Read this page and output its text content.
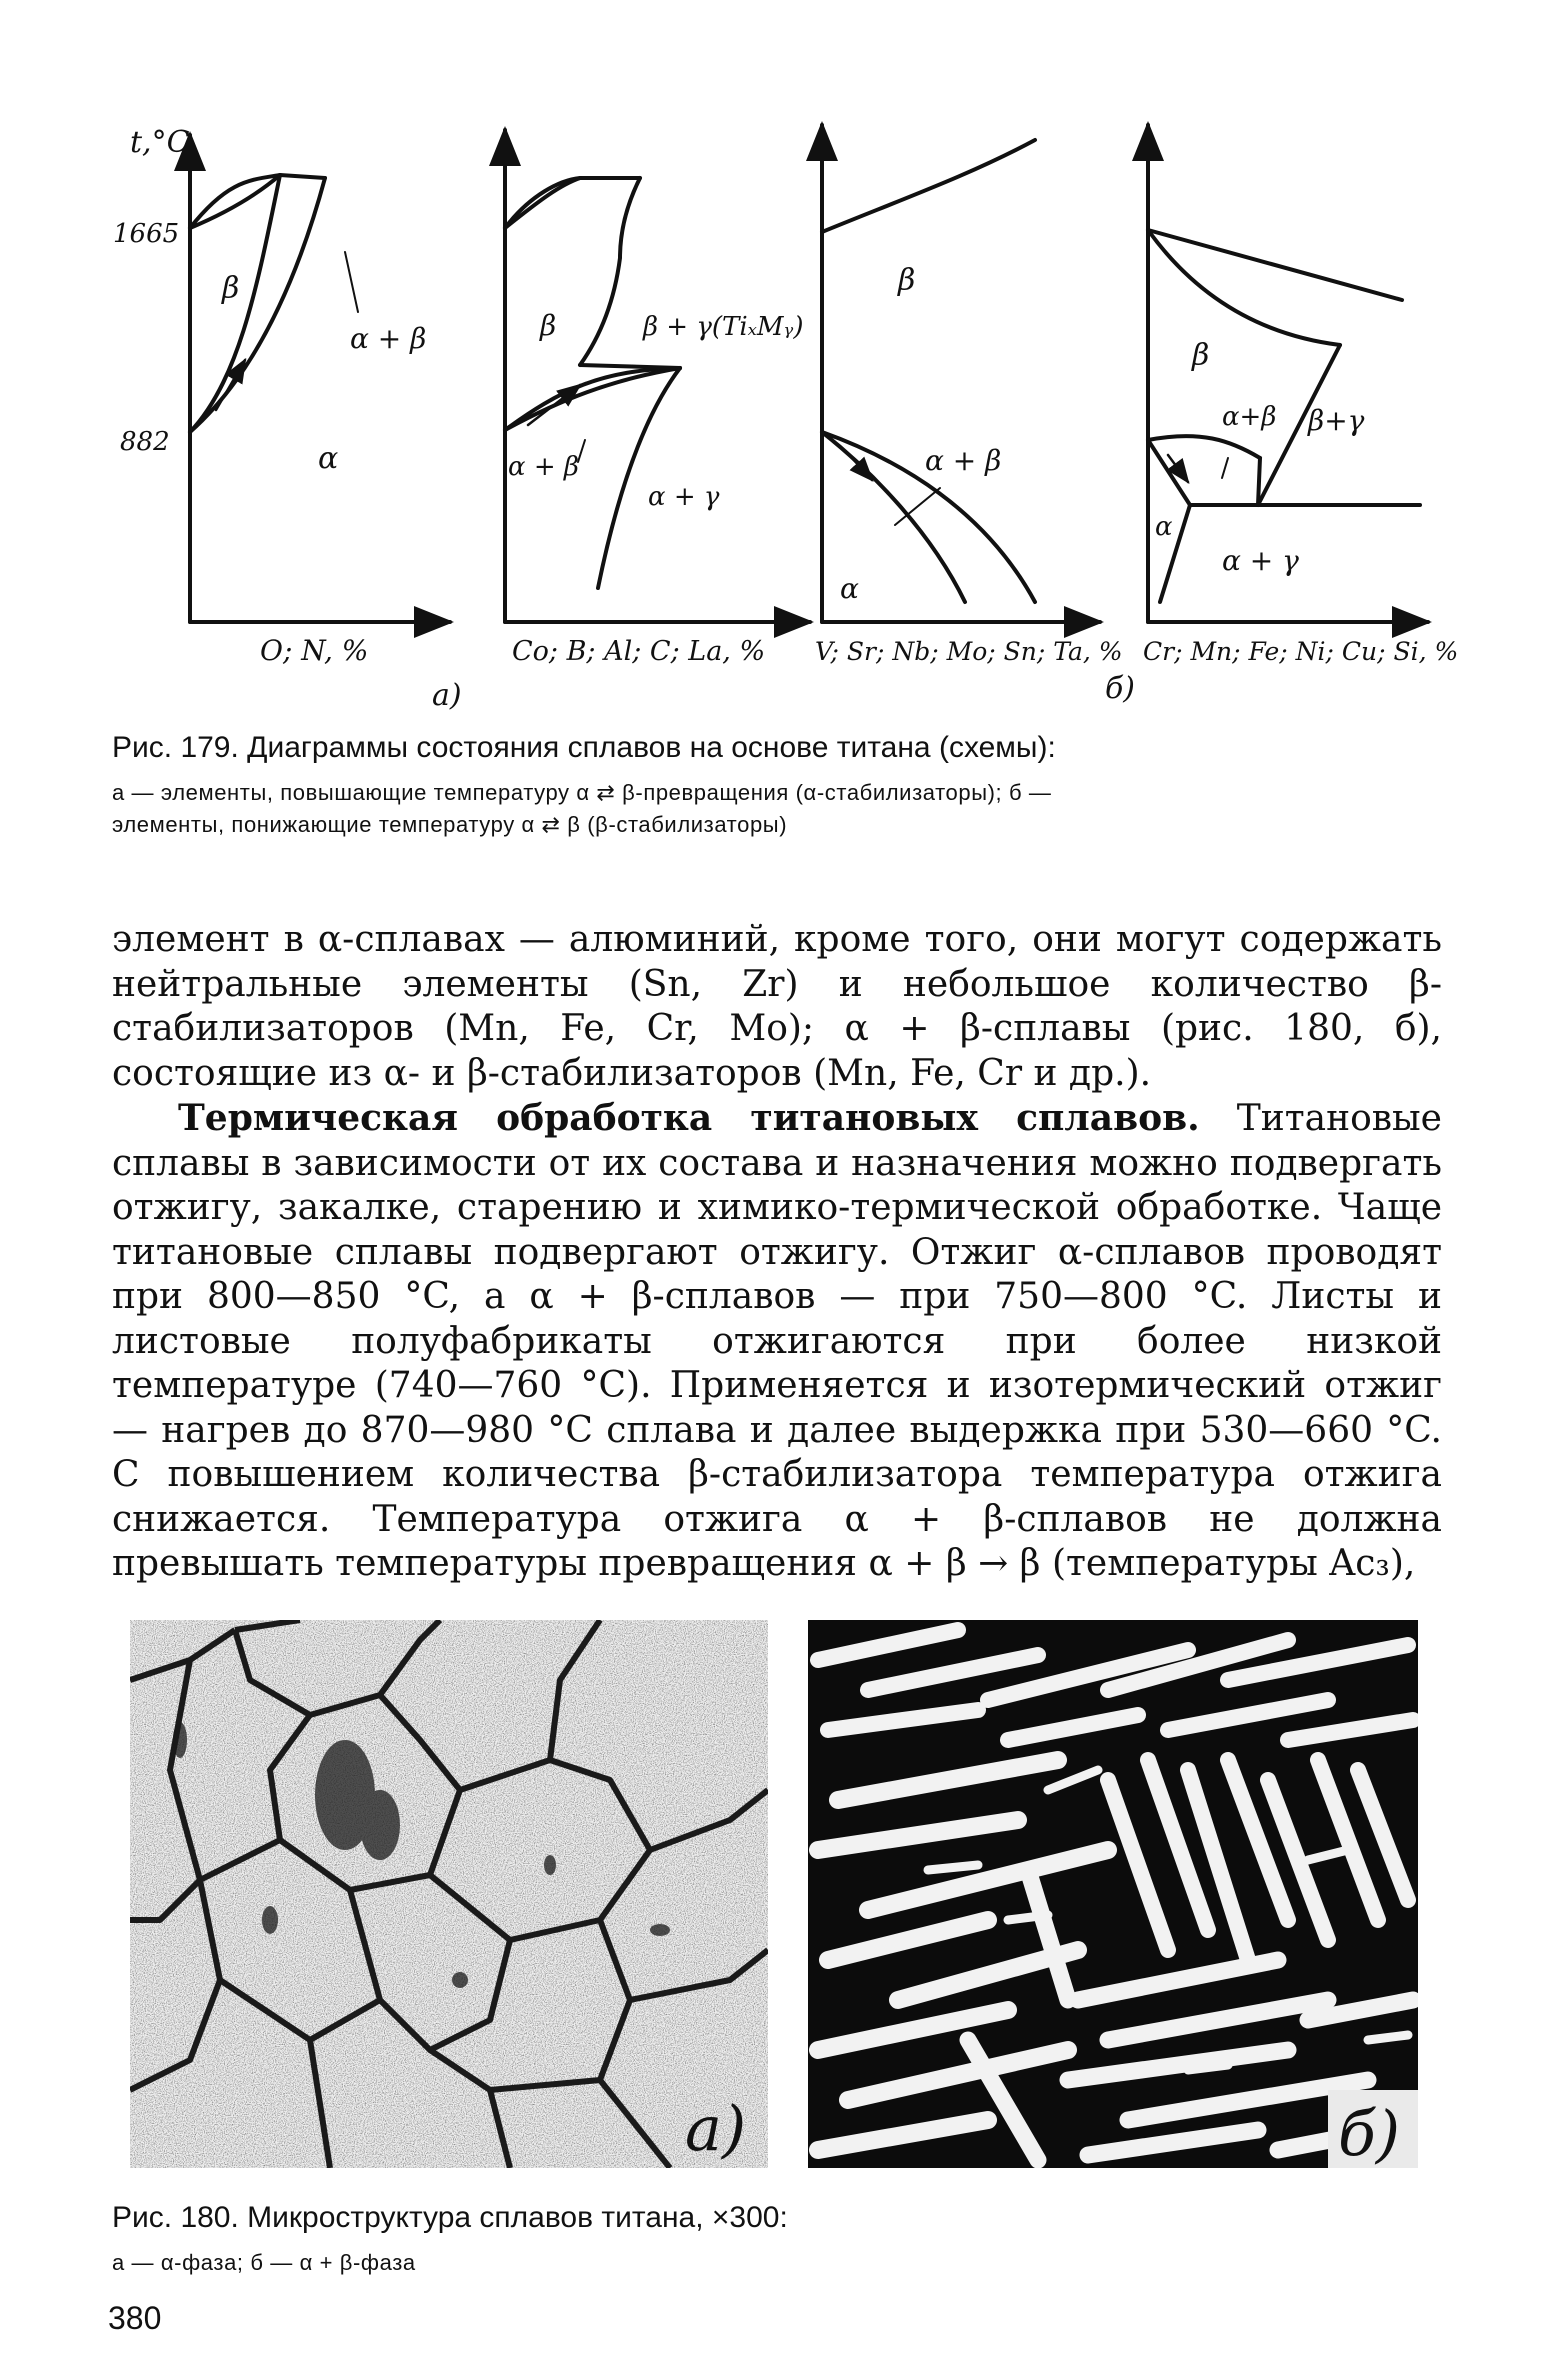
t,°C
1665
882
β
α + β
α
O; N, %
a)
β	β + γ(TiₓMᵧ)
α + β
α + γ
Co; B; Al; C; La, %
β
α + β
α
V; Sr; Nb; Mo; Sn; Ta, %
β
α+β β+γ
α
α + γ
Cr; Mn; Fe; Ni; Cu; Si, %
б)
Рис. 179. Диаграммы состояния сплавов на основе титана (схемы):
а — элементы, повышающие температуру α ⇄ β-превращения (α-стабилизаторы); б —
элементы, понижающие температуру α ⇄ β (β-стабилизаторы)

элемент в α-сплавах — алюминий, кроме того, они могут содержать нейтральные элементы (Sn, Zr) и небольшое количество β-стабилизаторов (Mn, Fe, Cr, Mo); α + β-сплавы (рис. 180, б), состоящие из α- и β-стабилизаторов (Mn, Fe, Cr и др.).

Термическая обработка титановых сплавов. Титановые сплавы в зависимости от их состава и назначения можно подвергать отжигу, закалке, старению и химико-термической обработке. Чаще титановые сплавы подвергают отжигу. Отжиг α-сплавов проводят при 800—850 °C, а α + β-сплавов — при 750—800 °C. Листы и листовые полуфабрикаты отжигаются при более низкой температуре (740—760 °C). Применяется и изотермический отжиг — нагрев до 870—980 °C сплава и далее выдержка при 530—660 °C. С повышением количества β-стабилизатора температура отжига снижается. Температура отжига α + β-сплавов не должна превышать температуры превращения α + β → β (температуры Ac₃),

а)	б)
Рис. 180. Микроструктура сплавов титана, ×300:
а — α-фаза; б — α + β-фаза
380
